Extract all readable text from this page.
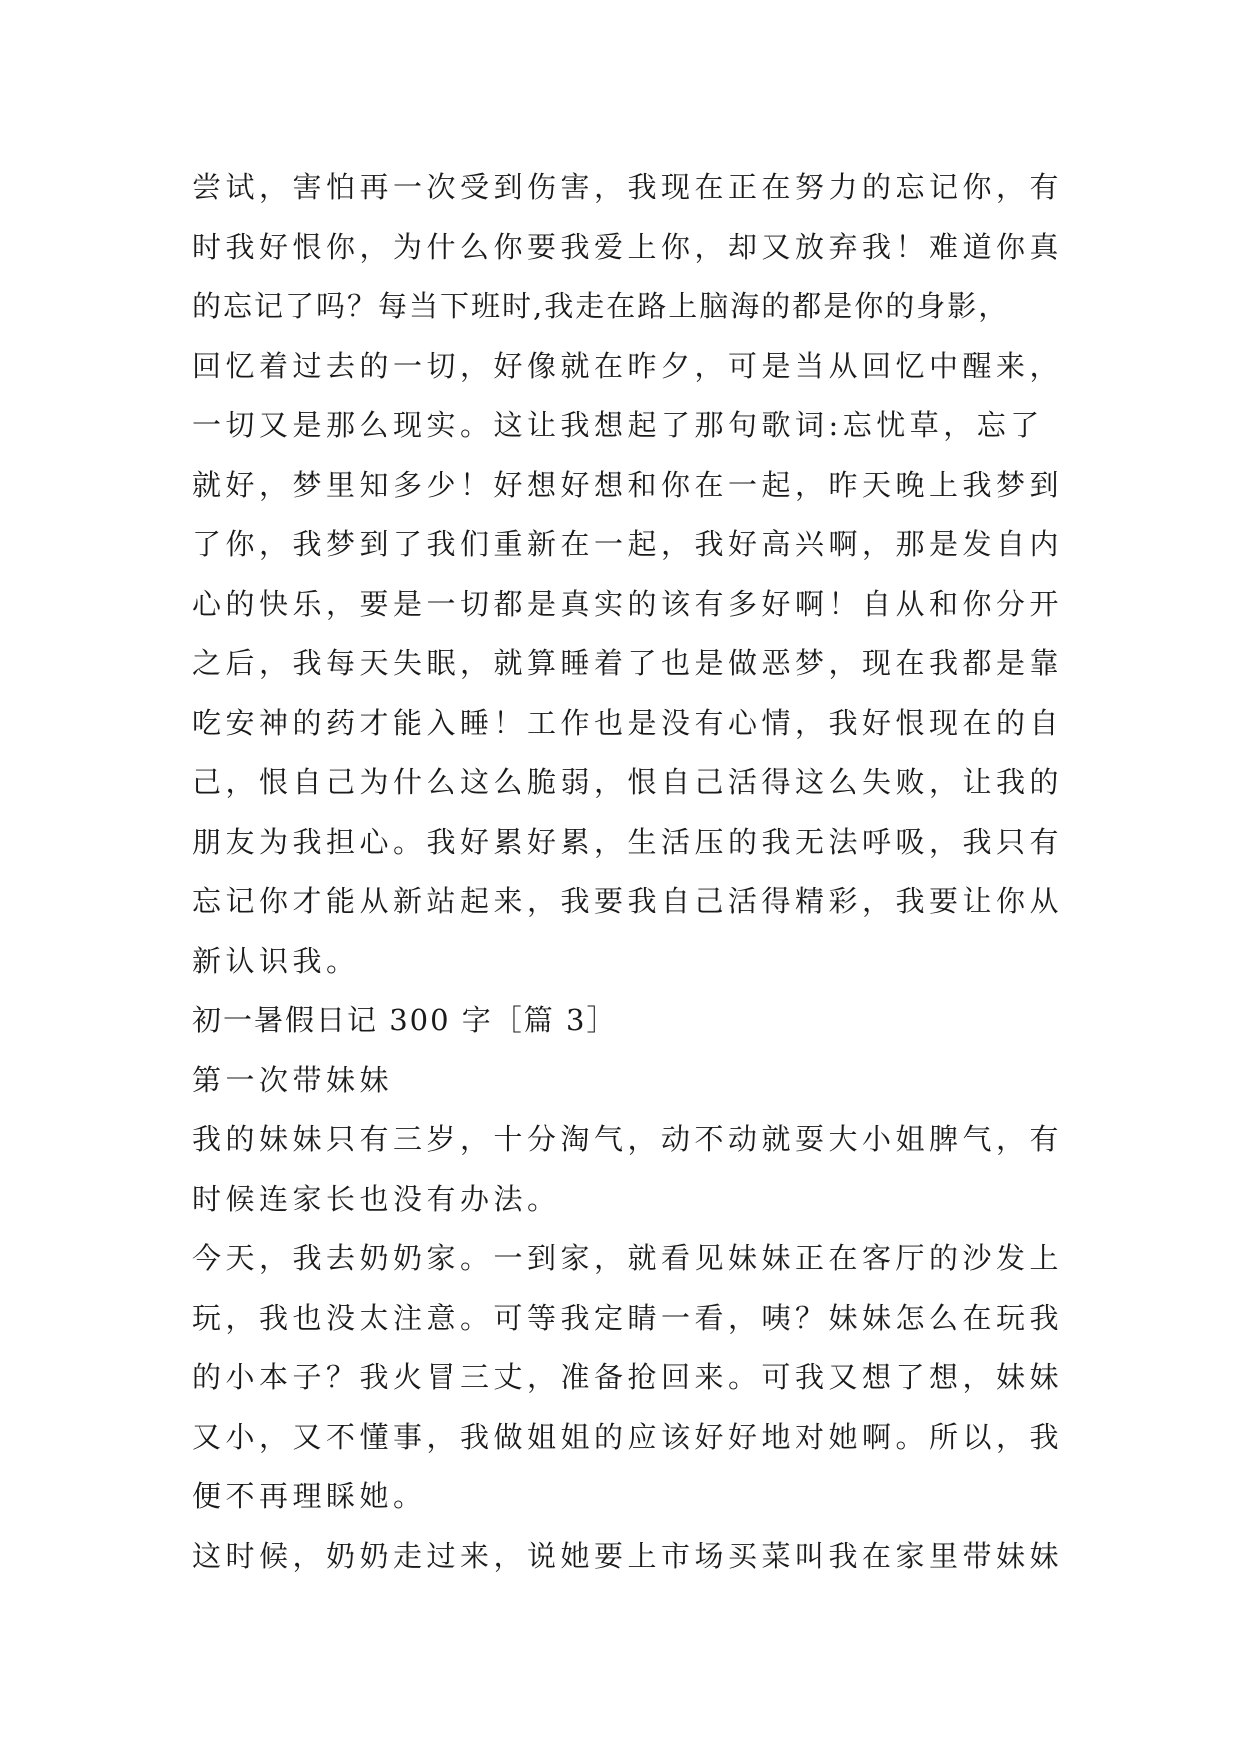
尝试，害怕再一次受到伤害，我现在正在努力的忘记你，有
时我好恨你，为什么你要我爱上你，却又放弃我！难道你真
的忘记了吗？每当下班时,我走在路上脑海的都是你的身影，
回忆着过去的一切，好像就在昨夕，可是当从回忆中醒来，
一切又是那么现实。这让我想起了那句歌词:忘忧草，忘了
就好，梦里知多少！好想好想和你在一起，昨天晚上我梦到
了你，我梦到了我们重新在一起，我好高兴啊，那是发自内
心的快乐，要是一切都是真实的该有多好啊！自从和你分开
之后，我每天失眠，就算睡着了也是做恶梦，现在我都是靠
吃安神的药才能入睡！工作也是没有心情，我好恨现在的自
己，恨自己为什么这么脆弱，恨自己活得这么失败，让我的
朋友为我担心。我好累好累，生活压的我无法呼吸，我只有
忘记你才能从新站起来，我要我自己活得精彩，我要让你从
新认识我。
初一暑假日记 300 字［篇 3］
第一次带妹妹
我的妹妹只有三岁，十分淘气，动不动就耍大小姐脾气，有
时候连家长也没有办法。
今天，我去奶奶家。一到家，就看见妹妹正在客厅的沙发上
玩，我也没太注意。可等我定睛一看，咦？妹妹怎么在玩我
的小本子？我火冒三丈，准备抢回来。可我又想了想，妹妹
又小，又不懂事，我做姐姐的应该好好地对她啊。所以，我
便不再理睬她。
这时候，奶奶走过来，说她要上市场买菜叫我在家里带妹妹
